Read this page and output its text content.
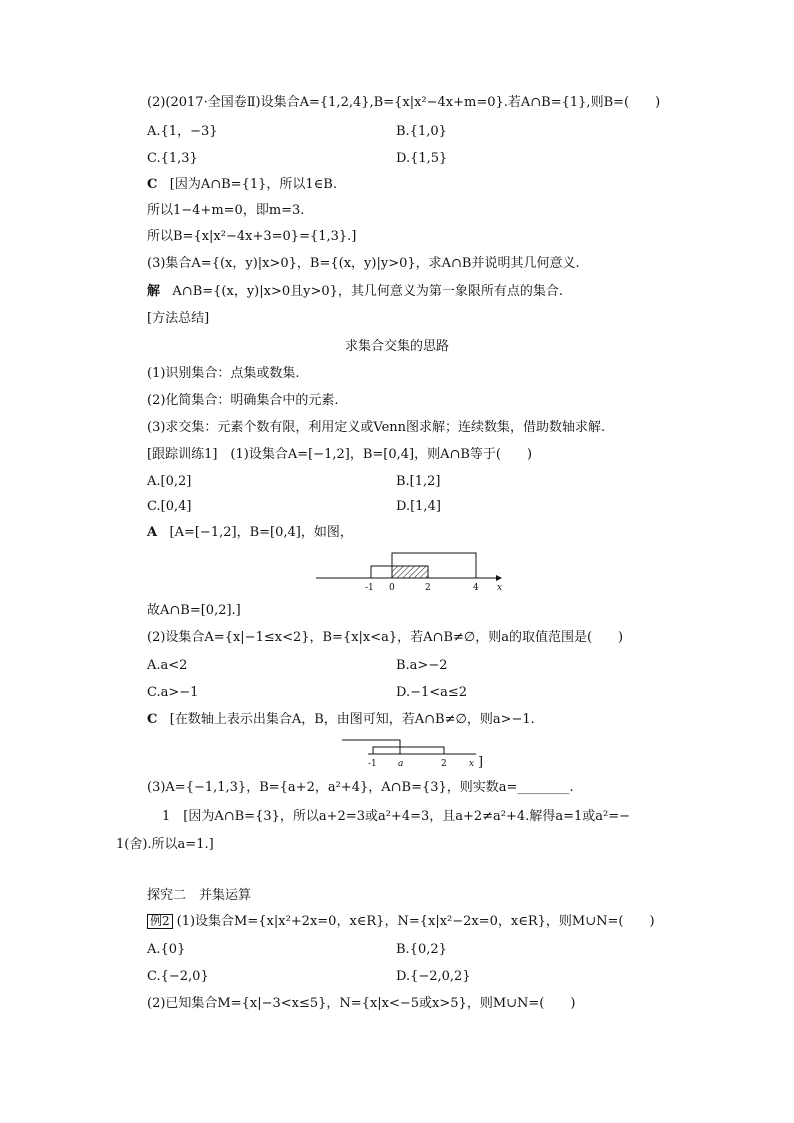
(2)(2017·全国卷Ⅱ)设集合A={1,2,4},B={x|x²−4x+m=0}.若A∩B={1},则B=(　　)
A.{1，−3}	B.{1,0}
C.{1,3}	D.{1,5}
C [因为A∩B={1}，所以1∈B.
所以1−4+m=0，即m=3.
所以B={x|x²−4x+3=0}={1,3}.]
(3)集合A={(x，y)|x>0}，B={(x，y)|y>0}，求A∩B并说明其几何意义.
解 A∩B={(x，y)|x>0且y>0}，其几何意义为第一象限所有点的集合.
[方法总结]
求集合交集的思路
(1)识别集合：点集或数集.
(2)化简集合：明确集合中的元素.
(3)求交集：元素个数有限，利用定义或Venn图求解；连续数集，借助数轴求解.
[跟踪训练1]　(1)设集合A=[−1,2]，B=[0,4]，则A∩B等于(　　)
A.[0,2]	B.[1,2]
C.[0,4]	D.[1,4]
A [A=[−1,2]，B=[0,4]，如图，
-1 0	2	4 x
故A∩B=[0,2].]
(2)设集合A={x|−1≤x<2}，B={x|x<a}，若A∩B≠∅，则a的取值范围是(　　)
A.a<2	B.a>−2
C.a>−1	D.−1<a≤2
C [在数轴上表示出集合A，B，由图可知，若A∩B≠∅，则a>−1.
-1 a	2 x ]
(3)A={−1,1,3}，B={a+2，a²+4}，A∩B={3}，则实数a=________.
1　[因为A∩B={3}，所以a+2=3或a²+4=3，且a+2≠a²+4.解得a=1或a²=−
1(舍).所以a=1.]
探究二　并集运算
例2 (1)设集合M={x|x²+2x=0，x∈R}，N={x|x²−2x=0，x∈R}，则M∪N=(　　)
A.{0}	B.{0,2}
C.{−2,0}	D.{−2,0,2}
(2)已知集合M={x|−3<x≤5}，N={x|x<−5或x>5}，则M∪N=(　　)
